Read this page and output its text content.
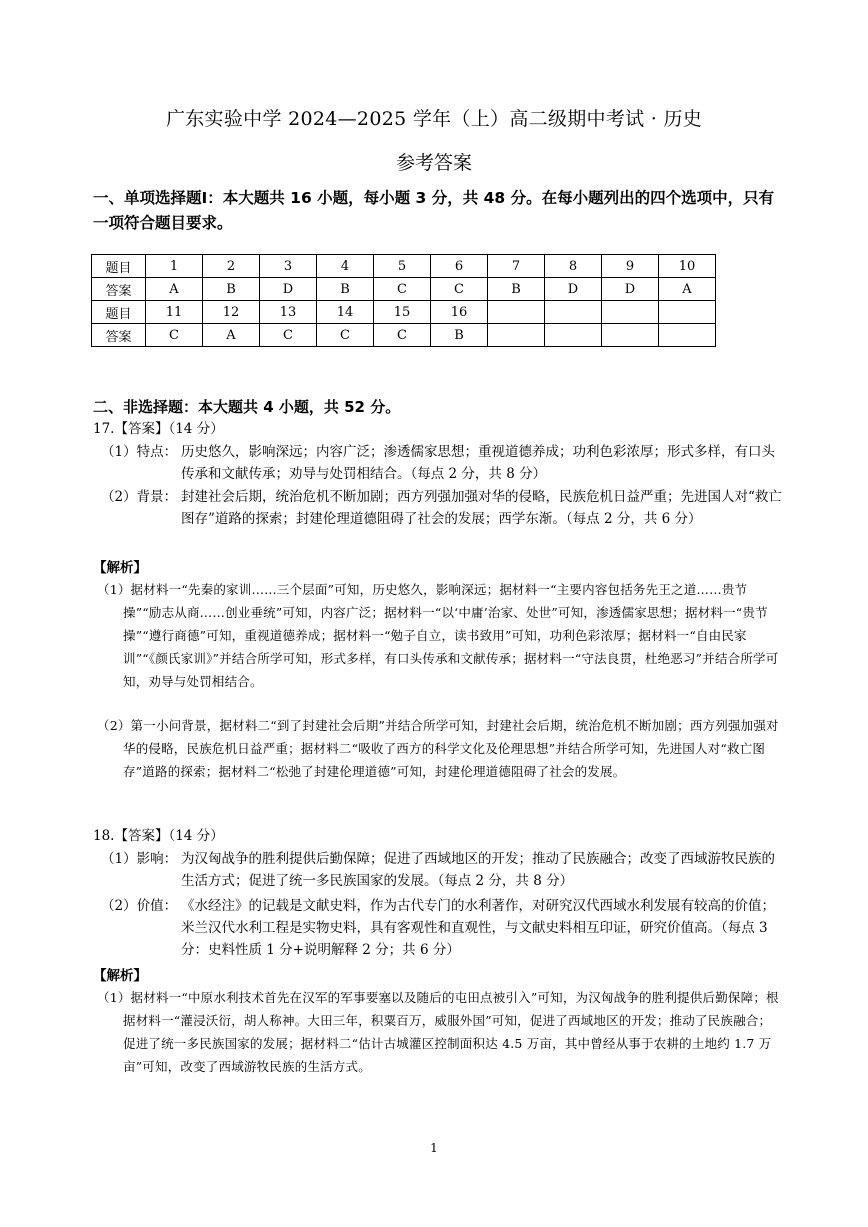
广东实验中学 2024—2025 学年（上）高二级期中考试 · 历史
参考答案
一、单项选择题Ⅰ：本大题共 16 小题，每小题 3 分，共 48 分。在每小题列出的四个选项中，只有一项符合题目要求。
题目	1	2	3	4	5	6	7	8	9	10
答案	A	B	D	B	C	C	B	D	D	A
题目	11	12	13	14	15	16				
答案	C	A	C	C	C	B				
二、非选择题：本大题共 4 小题，共 52 分。
17.【答案】（14 分）
（1）特点： 历史悠久，影响深远；内容广泛；渗透儒家思想；重视道德养成；功利色彩浓厚；形式多样，有口头传承和文献传承；劝导与处罚相结合。（每点 2 分，共 8 分）
（2）背景： 封建社会后期，统治危机不断加剧；西方列强加强对华的侵略，民族危机日益严重；先进国人对“救亡图存”道路的探索；封建伦理道德阻碍了社会的发展；西学东渐。（每点 2 分，共 6 分）
【解析】
（1）据材料一“先秦的家训……三个层面”可知，历史悠久，影响深远；据材料一“主要内容包括务先王之道……贵节操”“励志从商……创业垂统”可知，内容广泛；据材料一“以‘中庸’治家、处世”可知，渗透儒家思想；据材料一“贵节操”“遵行商德”可知，重视道德养成；据材料一“勉子自立，读书致用”可知，功利色彩浓厚；据材料一“自由民家训”“《颜氏家训》”并结合所学可知，形式多样，有口头传承和文献传承；据材料一“守法良贯，杜绝恶习”并结合所学可知，劝导与处罚相结合。
（2）第一小问背景，据材料二“到了封建社会后期”并结合所学可知，封建社会后期，统治危机不断加剧；西方列强加强对华的侵略，民族危机日益严重；据材料二“吸收了西方的科学文化及伦理思想”并结合所学可知，先进国人对“救亡图存”道路的探索；据材料二“松弛了封建伦理道德”可知，封建伦理道德阻碍了社会的发展。
18.【答案】（14 分）
（1）影响： 为汉匈战争的胜利提供后勤保障；促进了西域地区的开发；推动了民族融合；改变了西域游牧民族的生活方式；促进了统一多民族国家的发展。（每点 2 分，共 8 分）
（2）价值： 《水经注》的记载是文献史料，作为古代专门的水利著作，对研究汉代西域水利发展有较高的价值；米兰汉代水利工程是实物史料，具有客观性和直观性，与文献史料相互印证，研究价值高。（每点 3 分：史料性质 1 分+说明解释 2 分；共 6 分）
【解析】
（1）据材料一“中原水利技术首先在汉军的军事要塞以及随后的屯田点被引入”可知，为汉匈战争的胜利提供后勤保障；根据材料一“灌浸沃衍，胡人称神。大田三年，积粟百万，威服外国”可知，促进了西域地区的开发；推动了民族融合； 促进了统一多民族国家的发展；据材料二“估计古城灌区控制面积达 4.5 万亩，其中曾经从事于农耕的土地约 1.7 万亩”可知，改变了西域游牧民族的生活方式。
1
